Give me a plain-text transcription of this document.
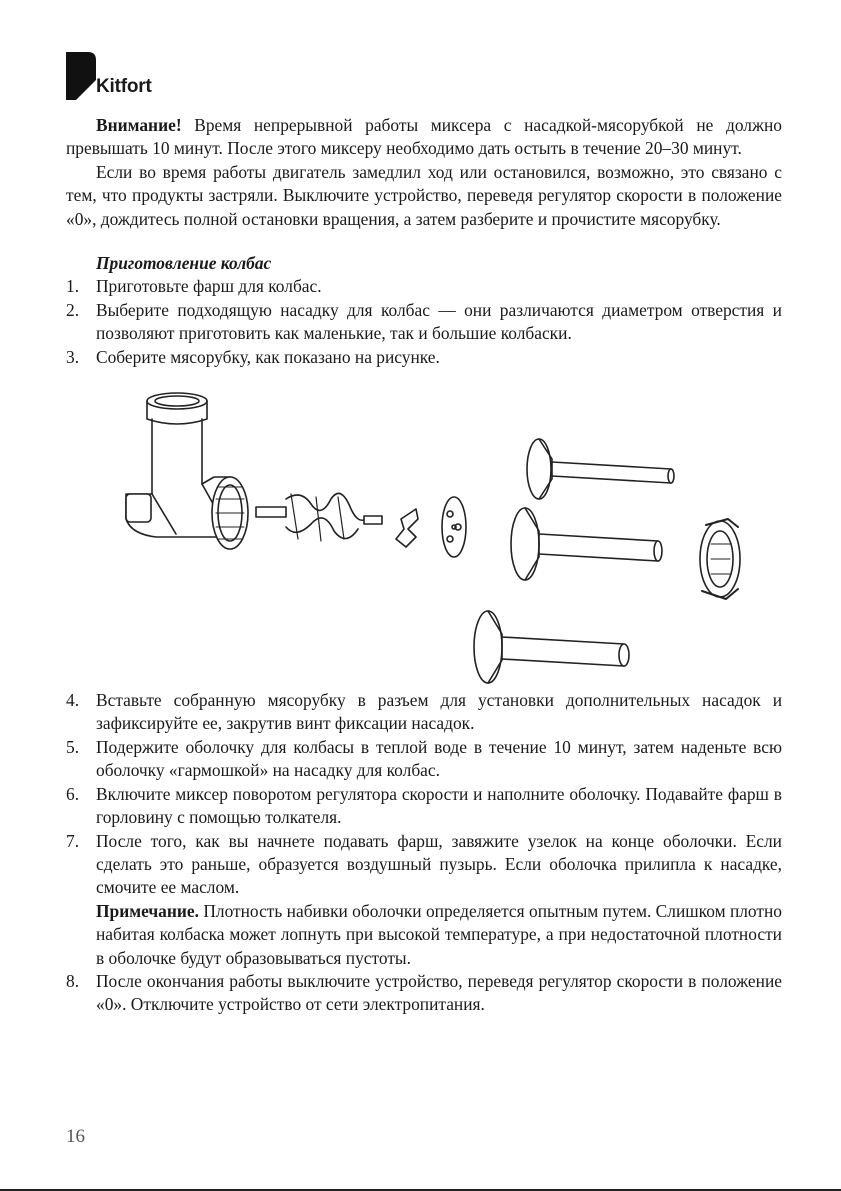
Kitfort

Внимание! Время непрерывной работы миксера с насадкой-мясорубкой не должно превышать 10 минут. После этого миксеру необходимо дать остыть в течение 20–30 минут.

Если во время работы двигатель замедлил ход или остановился, возможно, это связано с тем, что продукты застряли. Выключите устройство, переведя регулятор скорости в положение «0», дождитесь полной остановки вращения, а затем разберите и прочистите мясорубку.

Приготовление колбас

1. Приготовьте фарш для колбас.
2. Выберите подходящую насадку для колбас — они различаются диаметром отверстия и позволяют приготовить как маленькие, так и большие колбаски.
3. Соберите мясорубку, как показано на рисунке.
4. Вставьте собранную мясорубку в разъем для установки дополнительных насадок и зафиксируйте ее, закрутив винт фиксации насадок.
5. Подержите оболочку для колбасы в теплой воде в течение 10 минут, затем наденьте всю оболочку «гармошкой» на насадку для колбас.
6. Включите миксер поворотом регулятора скорости и наполните оболочку. Подавайте фарш в горловину с помощью толкателя.
7. После того, как вы начнете подавать фарш, завяжите узелок на конце оболочки. Если сделать это раньше, образуется воздушный пузырь. Если оболочка прилипла к насадке, смочите ее маслом.
Примечание. Плотность набивки оболочки определяется опытным путем. Слишком плотно набитая колбаска может лопнуть при высокой температуре, а при недостаточной плотности в оболочке будут образовываться пустоты.
8. После окончания работы выключите устройство, переведя регулятор скорости в положение «0». Отключите устройство от сети электропитания.
16
